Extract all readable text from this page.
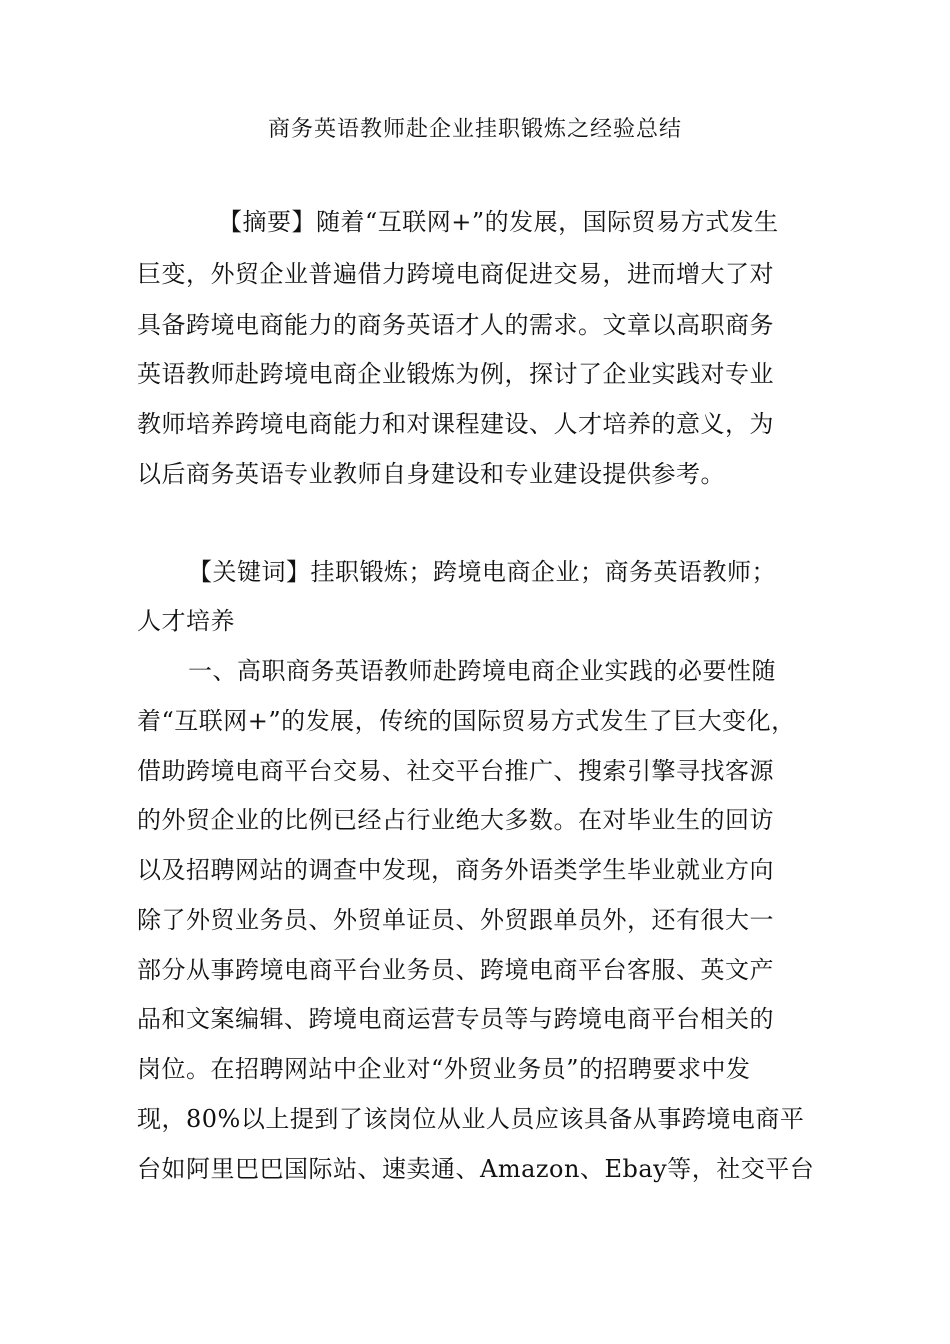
商务英语教师赴企业挂职锻炼之经验总结
【摘要】随着“互联网+”的发展，国际贸易方式发生
巨变，外贸企业普遍借力跨境电商促进交易，进而增大了对
具备跨境电商能力的商务英语才人的需求。文章以高职商务
英语教师赴跨境电商企业锻炼为例，探讨了企业实践对专业
教师培养跨境电商能力和对课程建设、人才培养的意义，为
以后商务英语专业教师自身建设和专业建设提供参考。
【关键词】挂职锻炼；跨境电商企业；商务英语教师；
人才培养
一、高职商务英语教师赴跨境电商企业实践的必要性随
着“互联网+”的发展，传统的国际贸易方式发生了巨大变化，
借助跨境电商平台交易、社交平台推广、搜索引擎寻找客源
的外贸企业的比例已经占行业绝大多数。在对毕业生的回访
以及招聘网站的调查中发现，商务外语类学生毕业就业方向
除了外贸业务员、外贸单证员、外贸跟单员外，还有很大一
部分从事跨境电商平台业务员、跨境电商平台客服、英文产
品和文案编辑、跨境电商运营专员等与跨境电商平台相关的
岗位。在招聘网站中企业对“外贸业务员”的招聘要求中发
现，80%以上提到了该岗位从业人员应该具备从事跨境电商平
台如阿里巴巴国际站、速卖通、Amazon、Ebay等，社交平台
